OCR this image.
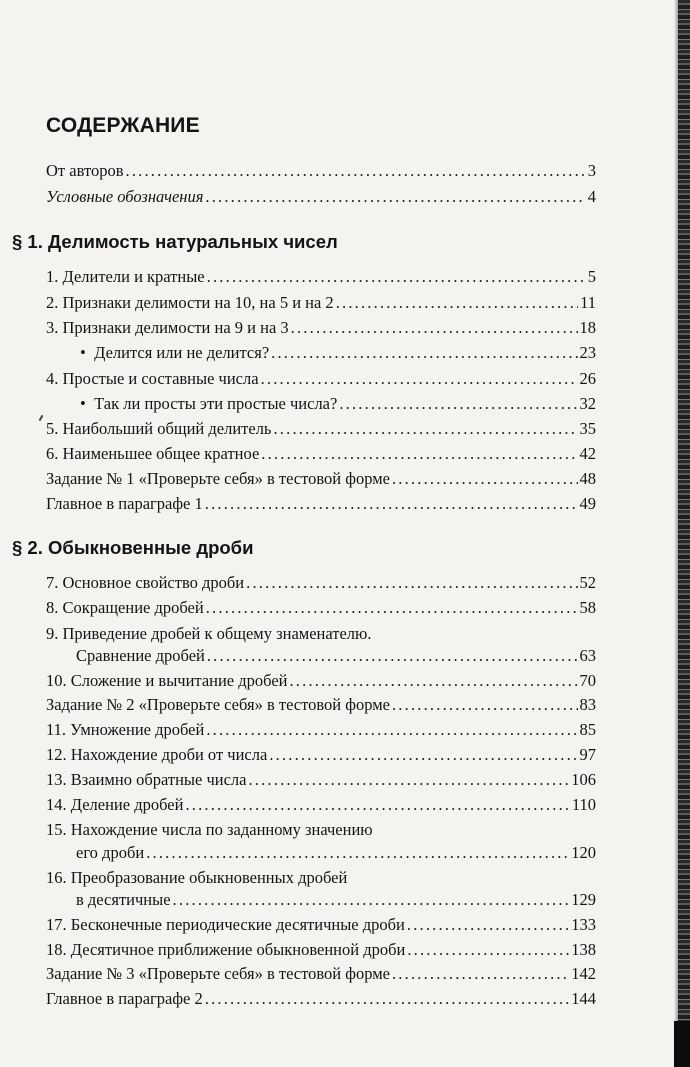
СОДЕРЖАНИЕ
От авторов .....	3
Условные обозначения .....	4
§ 1. Делимость натуральных чисел
1. Делители и кратные .....	5
2. Признаки делимости на 10, на 5 и на 2 .....	11
3. Признаки делимости на 9 и на 3 .....	18
• Делится или не делится? .....	23
4. Простые и составные числа .....	26
• Так ли просты эти простые числа? .....	32
5. Наибольший общий делитель .....	35
6. Наименьшее общее кратное .....	42
Задание № 1 «Проверьте себя» в тестовой форме .....	48
Главное в параграфе 1 .....	49
§ 2. Обыкновенные дроби
7. Основное свойство дроби .....	52
8. Сокращение дробей .....	58
9. Приведение дробей к общему знаменателю.
Сравнение дробей .....	63
10. Сложение и вычитание дробей .....	70
Задание № 2 «Проверьте себя» в тестовой форме .....	83
11. Умножение дробей .....	85
12. Нахождение дроби от числа .....	97
13. Взаимно обратные числа .....	106
14. Деление дробей .....	110
15. Нахождение числа по заданному значению
его дроби .....	120
16. Преобразование обыкновенных дробей
в десятичные .....	129
17. Бесконечные периодические десятичные дроби .....	133
18. Десятичное приближение обыкновенной дроби .....	138
Задание № 3 «Проверьте себя» в тестовой форме .....	142
Главное в параграфе 2 .....	144
